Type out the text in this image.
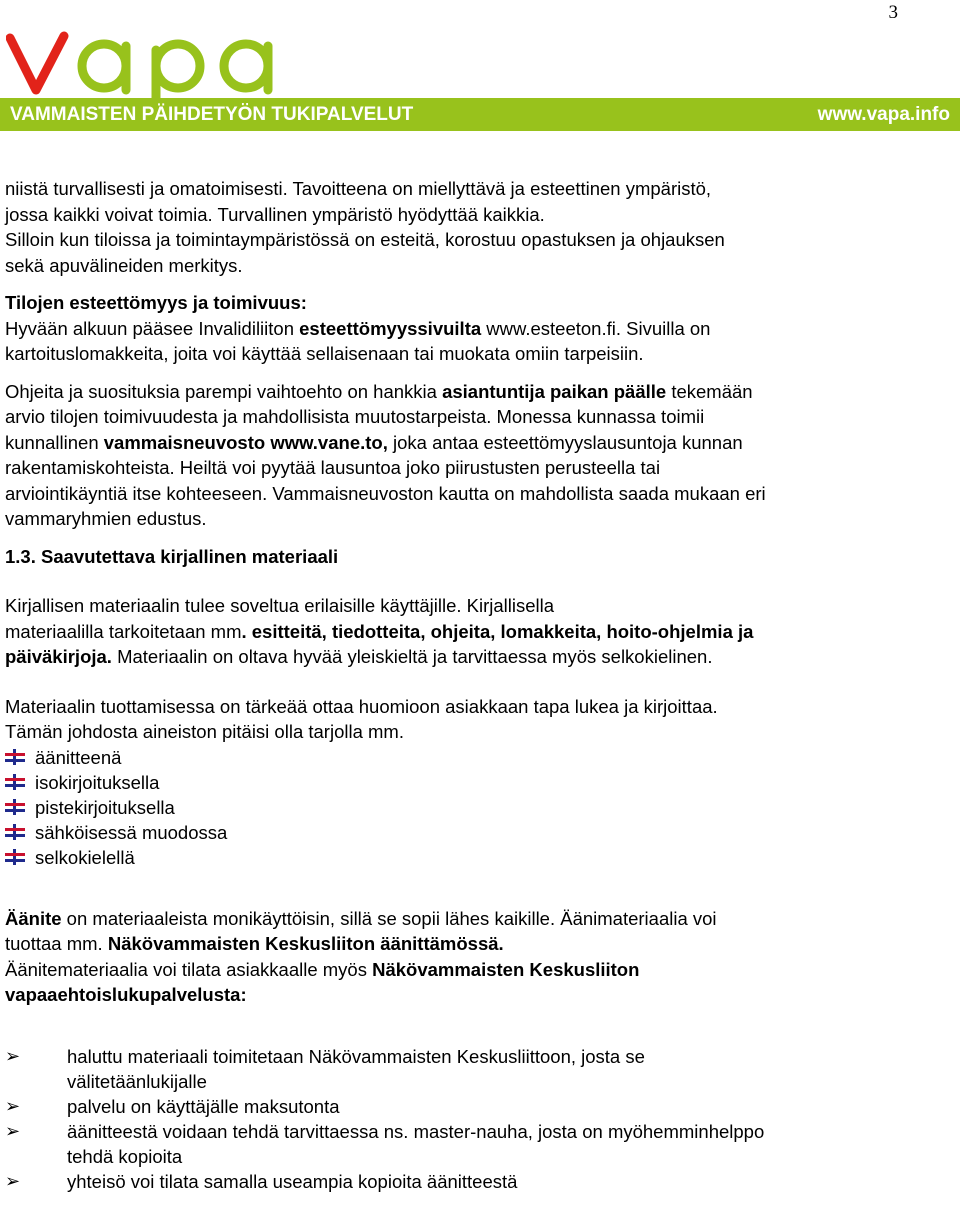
3
VAMMAISTEN PÄIHDETYÖN TUKIPALVELUT	www.vapa.info

niistä turvallisesti ja omatoimisesti. Tavoitteena on miellyttävä ja esteettinen ympäristö,
jossa kaikki voivat toimia. Turvallinen ympäristö hyödyttää kaikkia.
Silloin kun tiloissa ja toimintaympäristössä on esteitä, korostuu opastuksen ja ohjauksen
sekä apuvälineiden merkitys.

Tilojen esteettömyys ja toimivuus:
Hyvään alkuun pääsee Invalidiliiton esteettömyyssivuilta www.esteeton.fi. Sivuilla on
kartoituslomakkeita, joita voi käyttää sellaisenaan tai muokata omiin tarpeisiin.

Ohjeita ja suosituksia parempi vaihtoehto on hankkia asiantuntija paikan päälle tekemään
arvio tilojen toimivuudesta ja mahdollisista muutostarpeista. Monessa kunnassa toimii
kunnallinen vammaisneuvosto www.vane.to, joka antaa esteettömyyslausuntoja kunnan
rakentamiskohteista. Heiltä voi pyytää lausuntoa joko piirustusten perusteella tai
arviointikäyntiä itse kohteeseen. Vammaisneuvoston kautta on mahdollista saada mukaan eri
vammaryhmien edustus.

1.3. Saavutettava kirjallinen materiaali

Kirjallisen materiaalin tulee soveltua erilaisille käyttäjille. Kirjallisella
materiaalilla tarkoitetaan mm. esitteitä, tiedotteita, ohjeita, lomakkeita, hoito-ohjelmia ja
päiväkirjoja. Materiaalin on oltava hyvää yleiskieltä ja tarvittaessa myös selkokielinen.

Materiaalin tuottamisessa on tärkeää ottaa huomioon asiakkaan tapa lukea ja kirjoittaa.
Tämän johdosta aineiston pitäisi olla tarjolla mm.

äänitteenä
isokirjoituksella
pistekirjoituksella
sähköisessä muodossa
selkokielellä

Äänite on materiaaleista monikäyttöisin, sillä se sopii lähes kaikille. Äänimateriaalia voi
tuottaa mm. Näkövammaisten Keskusliiton äänittämössä.
Äänitemateriaalia voi tilata asiakkaalle myös Näkövammaisten Keskusliiton
vapaaehtoislukupalvelusta:

➢	haluttu materiaali toimitetaan Näkövammaisten Keskusliittoon, josta se
välitetäänlukijalle
➢	palvelu on käyttäjälle maksutonta
➢	äänitteestä voidaan tehdä tarvittaessa ns. master-nauha, josta on myöhemminhelppo
tehdä kopioita
➢	yhteisö voi tilata samalla useampia kopioita äänitteestä
